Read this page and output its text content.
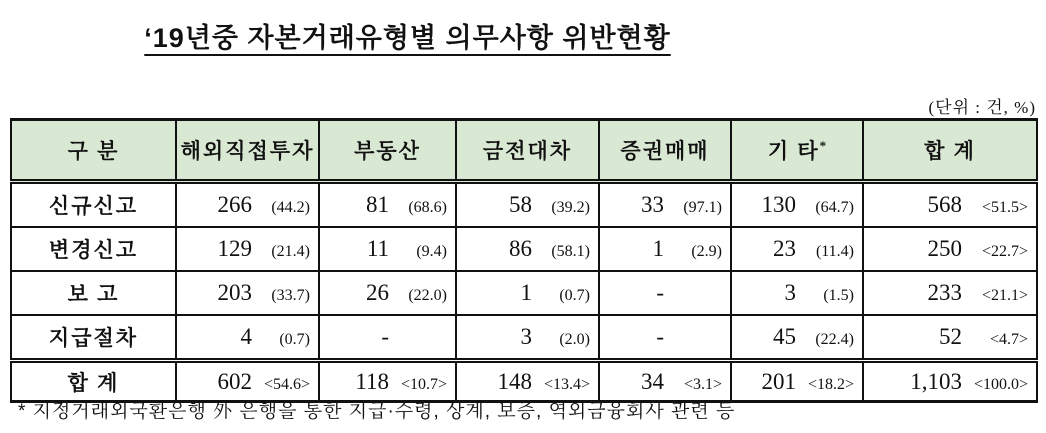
‘19년중 자본거래유형별 의무사항 위반현황
(단위 : 건, %)
구 분	해외직접투자	부동산	금전대차	증권매매	기 타*	합 계
신규신고	266 (44.2)	81 (68.6)	58 (39.2)	33 (97.1)	130 (64.7)	568 <51.5>

변경신고	129 (21.4)	11 (9.4)	86 (58.1)	1 (2.9)	23 (11.4)	250 <22.7>

보 고	203 (33.7)	26 (22.0)	1 (0.7)	-	3 (1.5)	233 <21.1>

지급절차	4 (0.7)	-	3 (2.0)	-	45 (22.4)	52 <4.7>

합 계	602 <54.6>	118 <10.7>	148 <13.4>	34 <3.1>	201 <18.2>	1,103 <100.0>
* 지정거래외국환은행 外 은행을 통한 지급·수령, 상계, 보증, 역외금융회사 관련 등
